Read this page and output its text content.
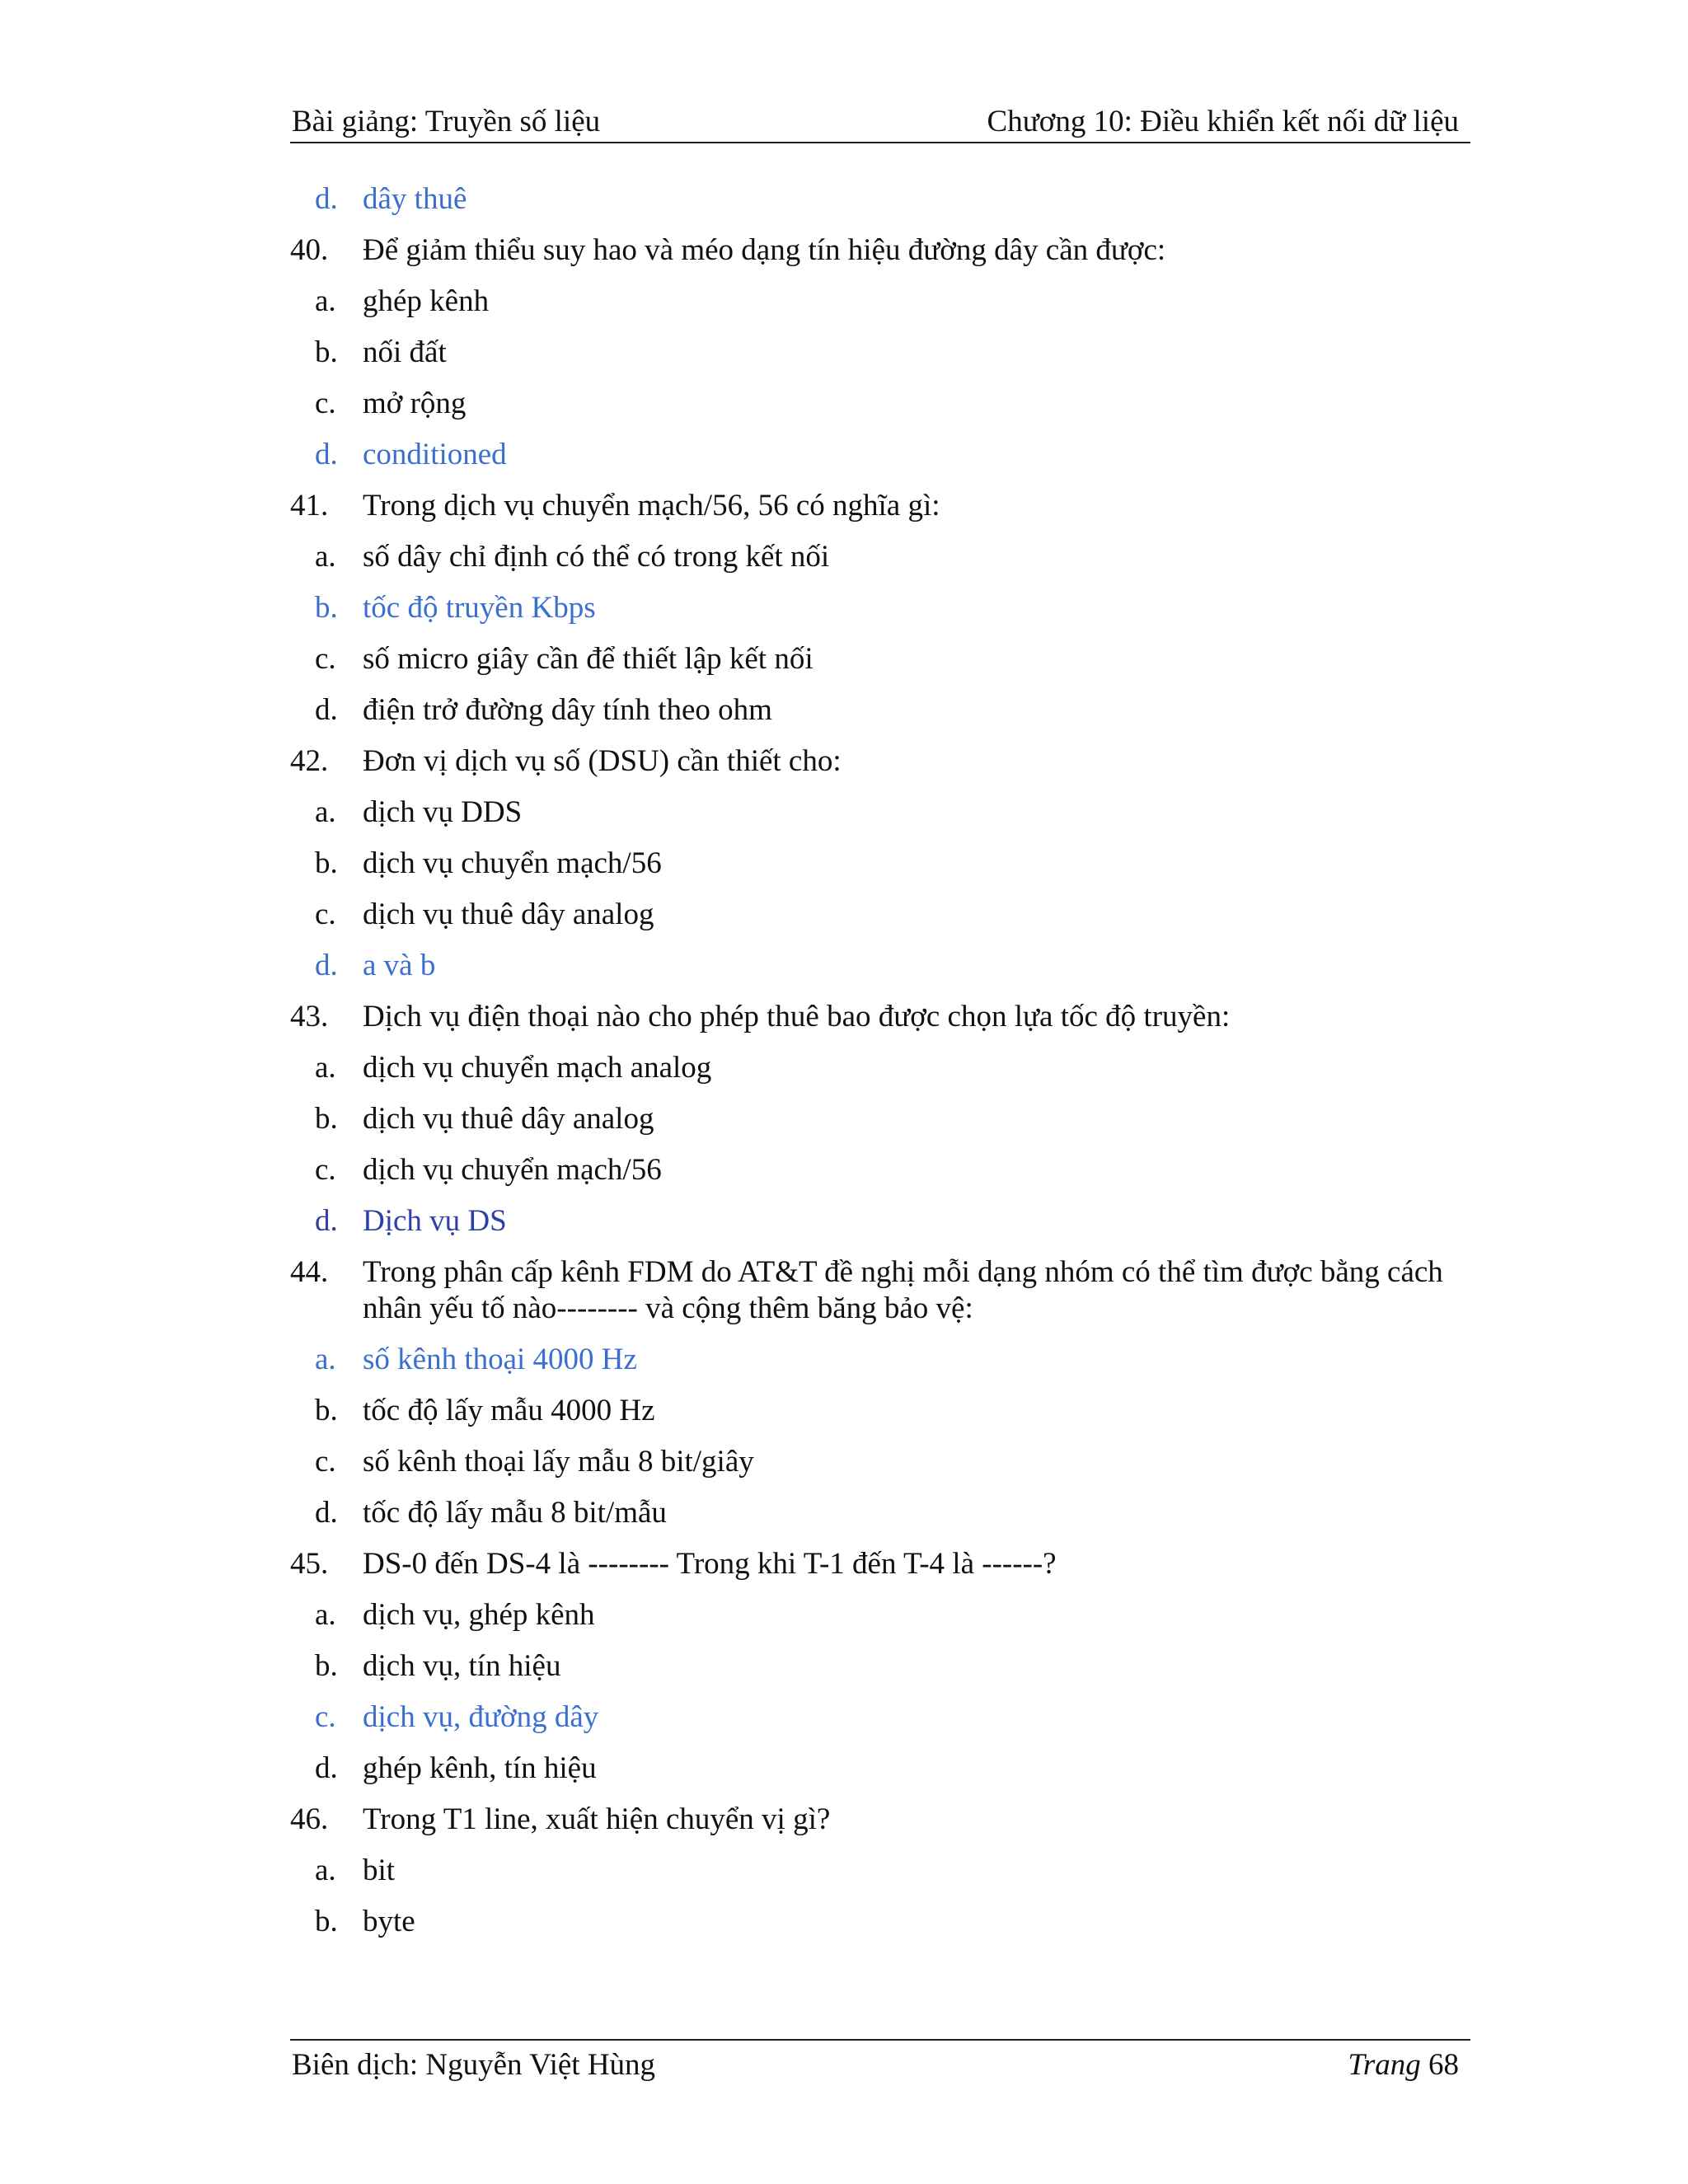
Bài giảng: Truyền số liệu	Chương 10: Điều khiển kết nối dữ liệu
d. dây thuê
40. Để giảm thiểu suy hao và méo dạng tín hiệu đường dây cần được:
a. ghép kênh
b. nối đất
c. mở rộng
d. conditioned
41. Trong dịch vụ chuyển mạch/56, 56 có nghĩa gì:
a. số dây chỉ định có thể có trong kết nối
b. tốc độ truyền Kbps
c. số micro giây cần để thiết lập kết nối
d. điện trở đường dây tính theo ohm
42. Đơn vị dịch vụ số (DSU) cần thiết cho:
a. dịch vụ DDS
b. dịch vụ chuyển mạch/56
c. dịch vụ thuê dây analog
d. a và b
43. Dịch vụ điện thoại nào cho phép thuê bao được chọn lựa tốc độ truyền:
a. dịch vụ chuyển mạch analog
b. dịch vụ thuê dây analog
c. dịch vụ chuyển mạch/56
d. Dịch vụ DS
44. Trong phân cấp kênh FDM do AT&T đề nghị mỗi dạng nhóm có thể tìm được bằng cách nhân yếu tố nào-------- và cộng thêm băng bảo vệ:
a. số kênh thoại 4000 Hz
b. tốc độ lấy mẫu 4000 Hz
c. số kênh thoại lấy mẫu 8 bit/giây
d. tốc độ lấy mẫu 8 bit/mẫu
45. DS-0 đến DS-4 là -------- Trong khi T-1 đến T-4 là ------?
a. dịch vụ, ghép kênh
b. dịch vụ, tín hiệu
c. dịch vụ, đường dây
d. ghép kênh, tín hiệu
46. Trong T1 line, xuất hiện chuyển vị gì?
a. bit
b. byte
Biên dịch: Nguyễn Việt Hùng	Trang 68
